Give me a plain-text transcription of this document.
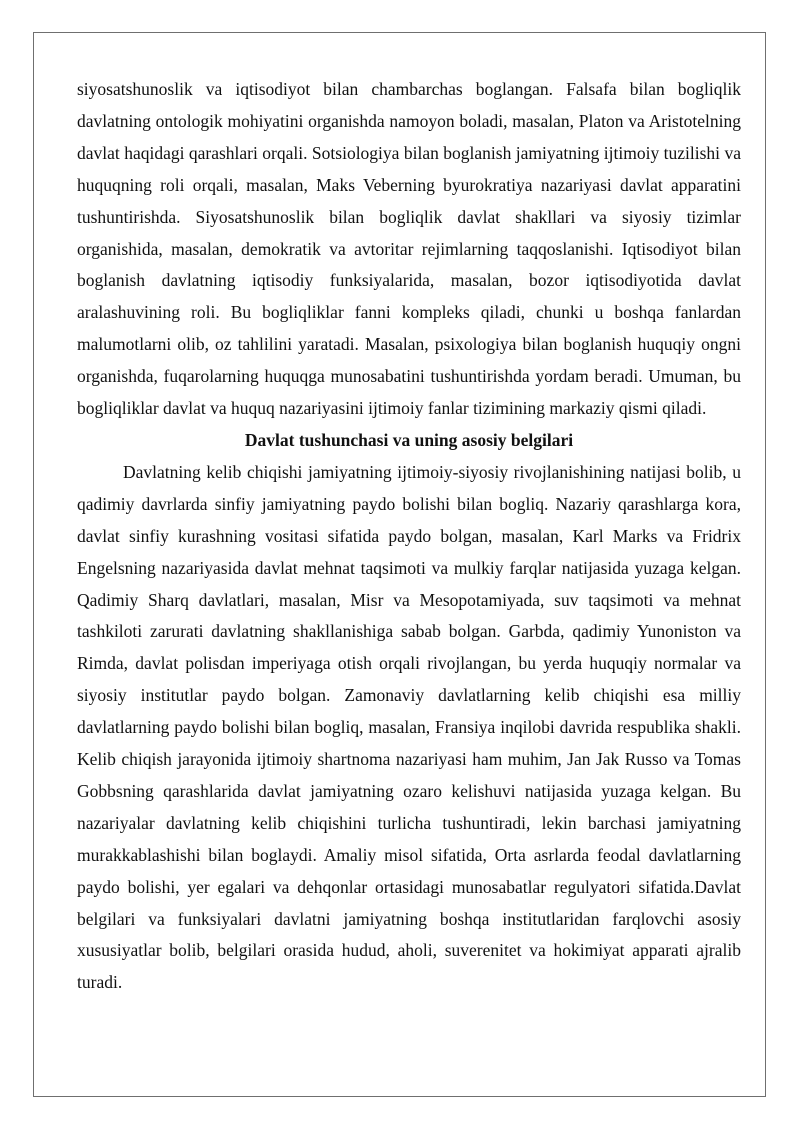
siyosatshunoslik va iqtisodiyot bilan chambarchas boglangan. Falsafa bilan bogliqlik davlatning ontologik mohiyatini organishda namoyon boladi, masalan, Platon va Aristotelning davlat haqidagi qarashlari orqali. Sotsiologiya bilan boglanish jamiyatning ijtimoiy tuzilishi va huquqning roli orqali, masalan, Maks Veberning byurokratiya nazariyasi davlat apparatini tushuntirishda. Siyosatshunoslik bilan bogliqlik davlat shakllari va siyosiy tizimlar organishida, masalan, demokratik va avtoritar rejimlarning taqqoslanishi. Iqtisodiyot bilan boglanish davlatning iqtisodiy funksiyalarida, masalan, bozor iqtisodiyotida davlat aralashuvining roli. Bu bogliqliklar fanni kompleks qiladi, chunki u boshqa fanlardan malumotlarni olib, oz tahlilini yaratadi. Masalan, psixologiya bilan boglanish huquqiy ongni organishda, fuqarolarning huquqga munosabatini tushuntirishda yordam beradi. Umuman, bu bogliqliklar davlat va huquq nazariyasini ijtimoiy fanlar tizimining markaziy qismi qiladi.

Davlat tushunchasi va uning asosiy belgilari

Davlatning kelib chiqishi jamiyatning ijtimoiy-siyosiy rivojlanishining natijasi bolib, u qadimiy davrlarda sinfiy jamiyatning paydo bolishi bilan bogliq. Nazariy qarashlarga kora, davlat sinfiy kurashning vositasi sifatida paydo bolgan, masalan, Karl Marks va Fridrix Engelsning nazariyasida davlat mehnat taqsimoti va mulkiy farqlar natijasida yuzaga kelgan. Qadimiy Sharq davlatlari, masalan, Misr va Mesopotamiyada, suv taqsimoti va mehnat tashkiloti zarurati davlatning shakllanishiga sabab bolgan. Garbda, qadimiy Yunoniston va Rimda, davlat polisdan imperiyaga otish orqali rivojlangan, bu yerda huquqiy normalar va siyosiy institutlar paydo bolgan. Zamonaviy davlatlarning kelib chiqishi esa milliy davlatlarning paydo bolishi bilan bogliq, masalan, Fransiya inqilobi davrida respublika shakli. Kelib chiqish jarayonida ijtimoiy shartnoma nazariyasi ham muhim, Jan Jak Russo va Tomas Gobbsning qarashlarida davlat jamiyatning ozaro kelishuvi natijasida yuzaga kelgan. Bu nazariyalar davlatning kelib chiqishini turlicha tushuntiradi, lekin barchasi jamiyatning murakkablashishi bilan boglaydi. Amaliy misol sifatida, Orta asrlarda feodal davlatlarning paydo bolishi, yer egalari va dehqonlar ortasidagi munosabatlar regulyatori sifatida.Davlat belgilari va funksiyalari davlatni jamiyatning boshqa institutlaridan farqlovchi asosiy xususiyatlar bolib, belgilari orasida hudud, aholi, suverenitet va hokimiyat apparati ajralib turadi.
